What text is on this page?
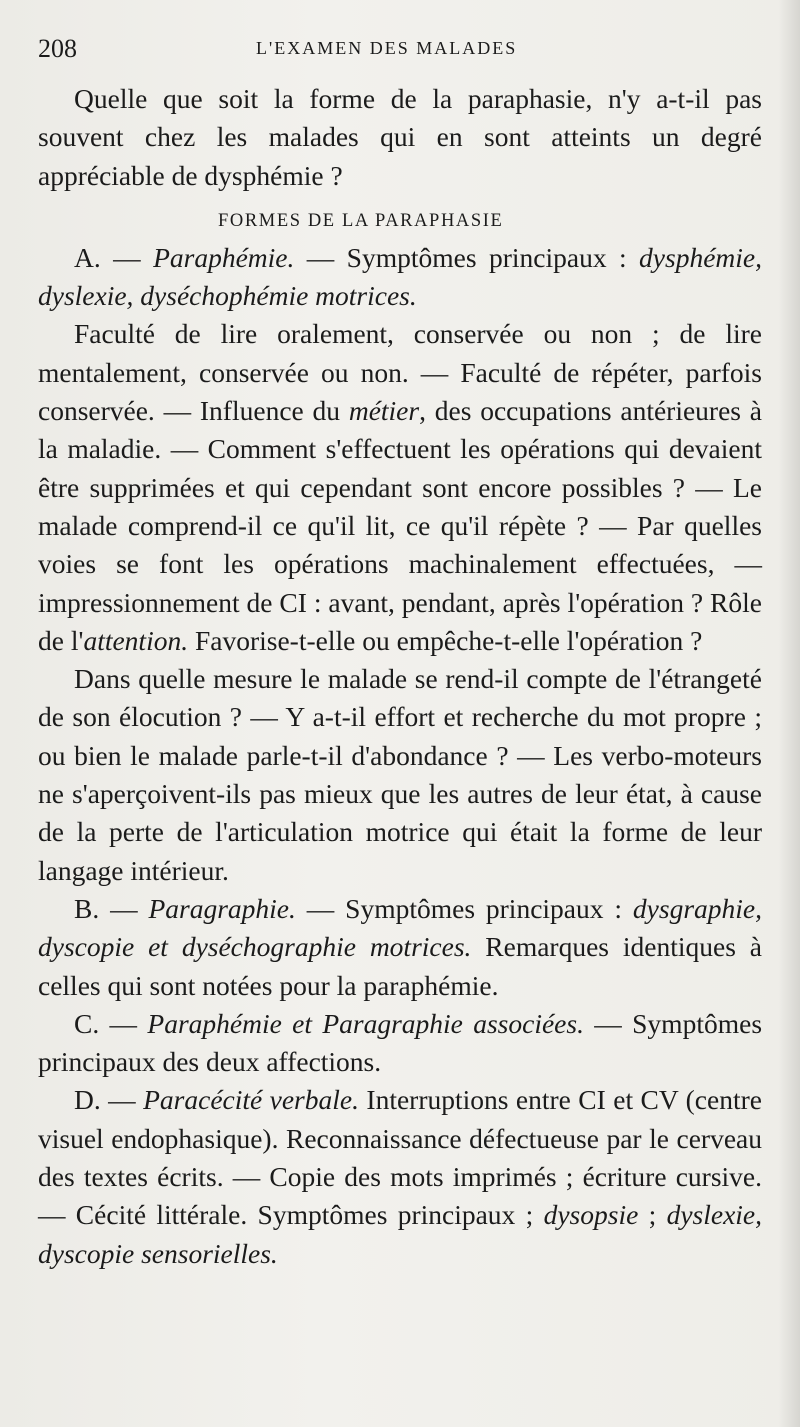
208	L'EXAMEN DES MALADES

Quelle que soit la forme de la paraphasie, n'y a-t-il pas souvent chez les malades qui en sont atteints un degré appréciable de dysphémie ?

FORMES DE LA PARAPHASIE

A. — Paraphémie. — Symptômes principaux : dysphémie, dyslexie, dyséchophémie motrices.

Faculté de lire oralement, conservée ou non ; de lire mentalement, conservée ou non. — Faculté de répéter, parfois conservée. — Influence du métier, des occupations antérieures à la maladie. — Comment s'effectuent les opérations qui devaient être supprimées et qui cependant sont encore possibles ? — Le malade comprend-il ce qu'il lit, ce qu'il répète ? — Par quelles voies se font les opérations machinalement effectuées, — impressionnement de CI : avant, pendant, après l'opération ? Rôle de l'attention. Favorise-t-elle ou empêche-t-elle l'opération ?

Dans quelle mesure le malade se rend-il compte de l'étrangeté de son élocution ? — Y a-t-il effort et recherche du mot propre ; ou bien le malade parle-t-il d'abondance ? — Les verbo-moteurs ne s'aperçoivent-ils pas mieux que les autres de leur état, à cause de la perte de l'articulation motrice qui était la forme de leur langage intérieur.

B. — Paragraphie. — Symptômes principaux : dysgraphie, dyscopie et dyséchographie motrices. Remarques identiques à celles qui sont notées pour la paraphémie.

C. — Paraphémie et Paragraphie associées. — Symptômes principaux des deux affections.

D. — Paracécité verbale. Interruptions entre CI et CV (centre visuel endophasique). Reconnaissance défectueuse par le cerveau des textes écrits. — Copie des mots imprimés ; écriture cursive. — Cécité littérale. Symptômes principaux ; dysopsie ; dyslexie, dyscopie sensorielles.
